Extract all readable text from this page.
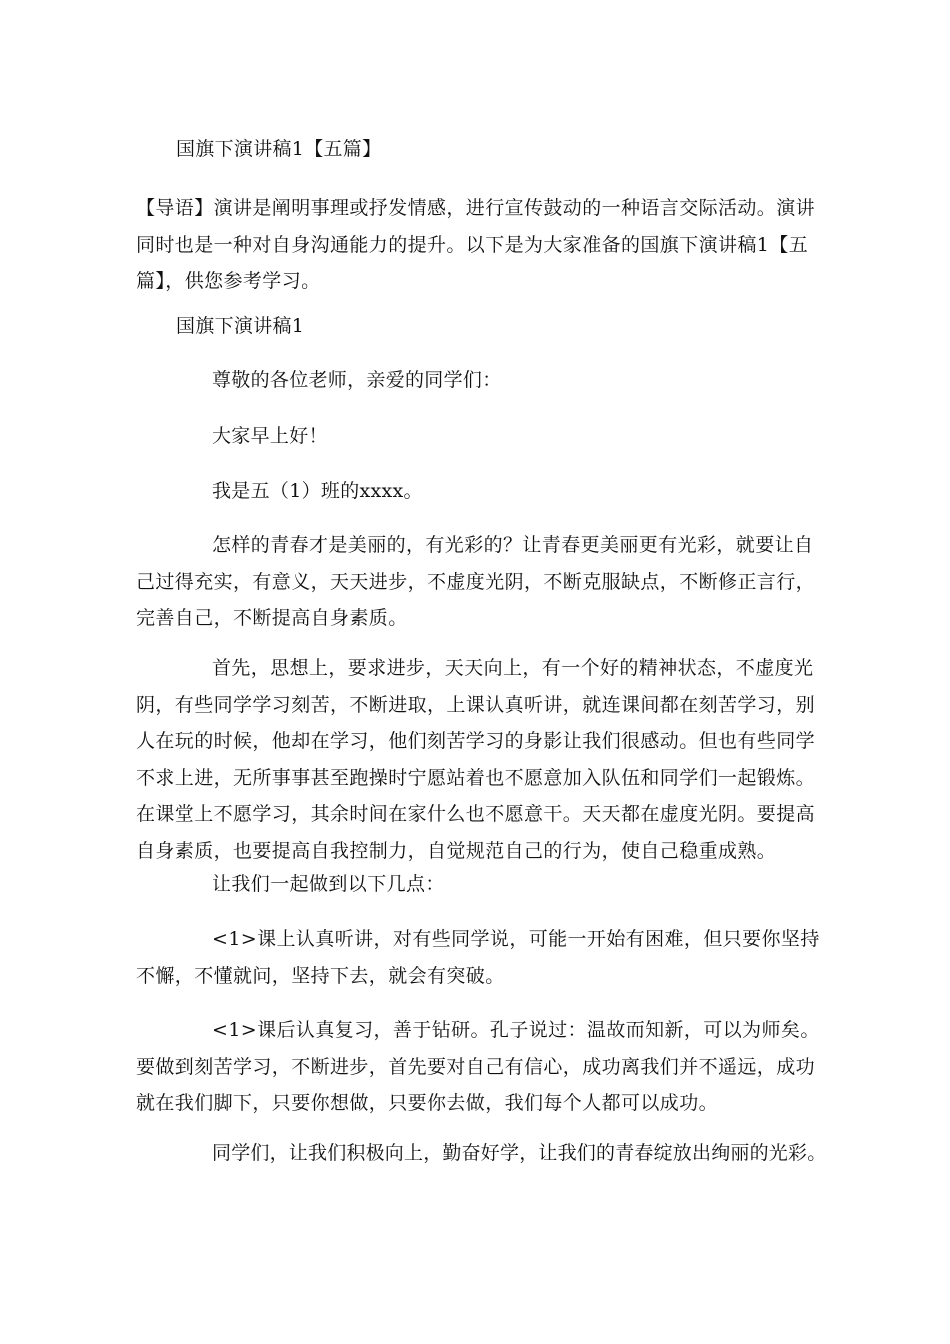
国旗下演讲稿1【五篇】
【导语】演讲是阐明事理或抒发情感，进行宣传鼓动的一种语言交际活动。演讲同时也是一种对自身沟通能力的提升。以下是为大家准备的国旗下演讲稿1【五篇】，供您参考学习。
国旗下演讲稿1
尊敬的各位老师，亲爱的同学们：
大家早上好！
我是五（1）班的xxxx。
怎样的青春才是美丽的，有光彩的？让青春更美丽更有光彩，就要让自己过得充实，有意义，天天进步，不虚度光阴，不断克服缺点，不断修正言行，完善自己，不断提高自身素质。
首先，思想上，要求进步，天天向上，有一个好的精神状态，不虚度光阴，有些同学学习刻苦，不断进取，上课认真听讲，就连课间都在刻苦学习，别人在玩的时候，他却在学习，他们刻苦学习的身影让我们很感动。但也有些同学不求上进，无所事事甚至跑操时宁愿站着也不愿意加入队伍和同学们一起锻炼。在课堂上不愿学习，其余时间在家什么也不愿意干。天天都在虚度光阴。要提高自身素质，也要提高自我控制力，自觉规范自己的行为，使自己稳重成熟。
让我们一起做到以下几点：
<1>课上认真听讲，对有些同学说，可能一开始有困难，但只要你坚持不懈，不懂就问，坚持下去，就会有突破。
<1>课后认真复习，善于钻研。孔子说过：温故而知新，可以为师矣。要做到刻苦学习，不断进步，首先要对自己有信心，成功离我们并不遥远，成功就在我们脚下，只要你想做，只要你去做，我们每个人都可以成功。
同学们，让我们积极向上，勤奋好学，让我们的青春绽放出绚丽的光彩。
